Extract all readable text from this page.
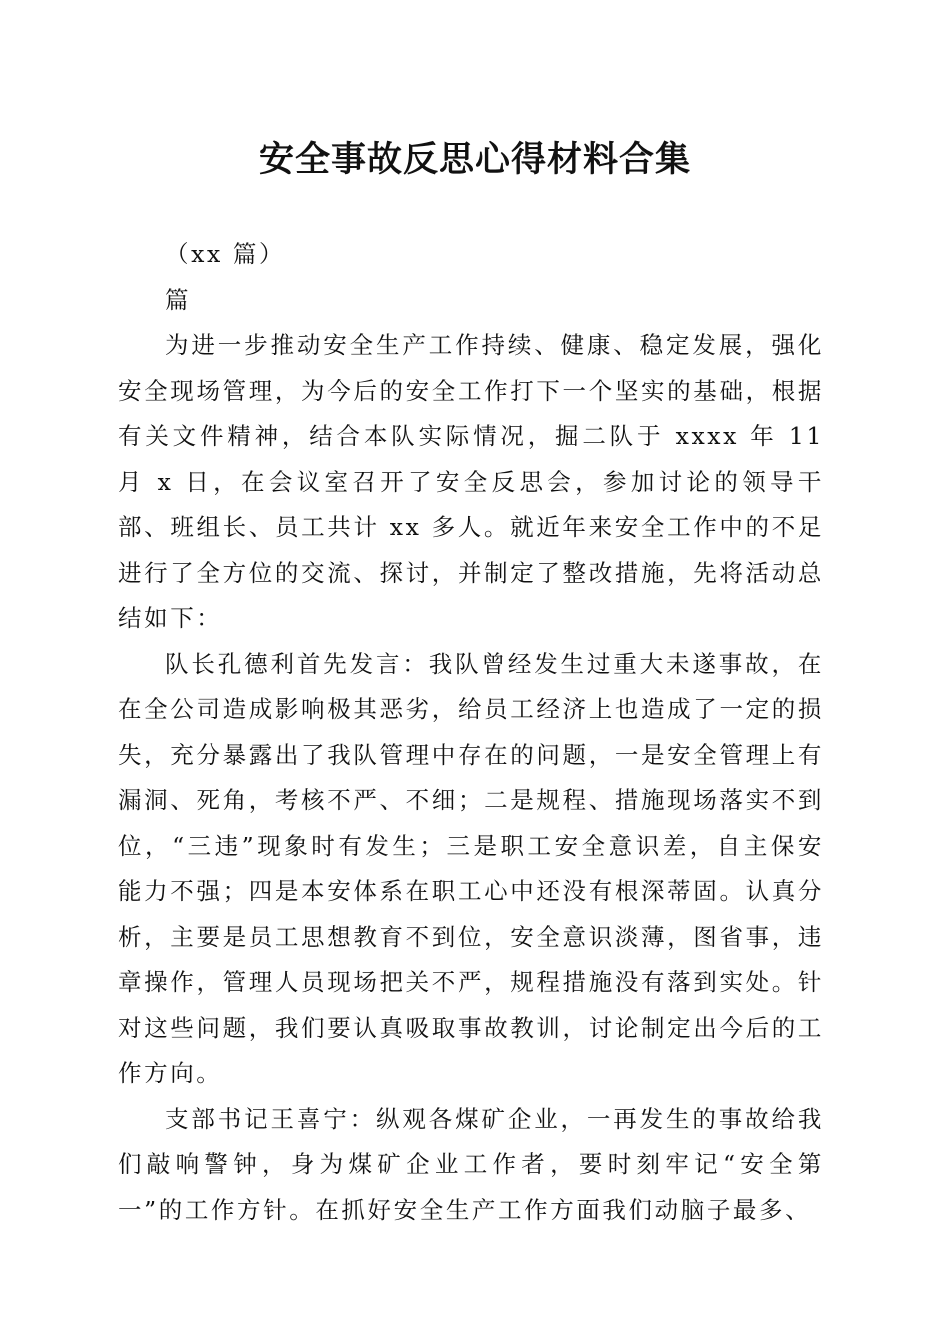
安全事故反思心得材料合集

（xx 篇）

篇

为进一步推动安全生产工作持续、健康、稳定发展，强化安全现场管理，为今后的安全工作打下一个坚实的基础，根据有关文件精神，结合本队实际情况，掘二队于 xxxx 年 11 月 x 日，在会议室召开了安全反思会，参加讨论的领导干部、班组长、员工共计 xx 多人。就近年来安全工作中的不足进行了全方位的交流、探讨，并制定了整改措施，先将活动总结如下：

队长孔德利首先发言：我队曾经发生过重大未遂事故，在在全公司造成影响极其恶劣，给员工经济上也造成了一定的损失，充分暴露出了我队管理中存在的问题，一是安全管理上有漏洞、死角，考核不严、不细；二是规程、措施现场落实不到位，“三违”现象时有发生；三是职工安全意识差，自主保安能力不强；四是本安体系在职工心中还没有根深蒂固。认真分析，主要是员工思想教育不到位，安全意识淡薄，图省事，违章操作，管理人员现场把关不严，规程措施没有落到实处。针对这些问题，我们要认真吸取事故教训，讨论制定出今后的工作方向。

支部书记王喜宁：纵观各煤矿企业，一再发生的事故给我们敲响警钟，身为煤矿企业工作者，要时刻牢记“安全第一”的工作方针。在抓好安全生产工作方面我们动脑子最多、
